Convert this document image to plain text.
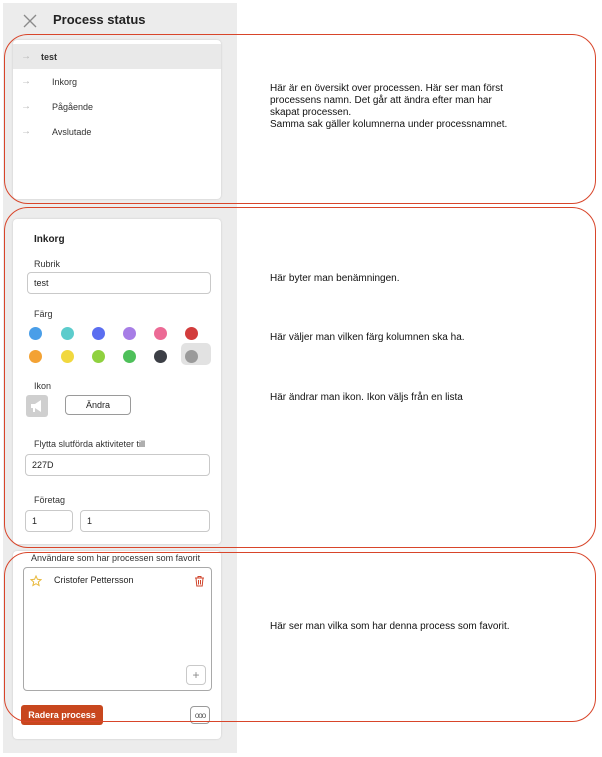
Process status
→ test
→ Inkorg
→ Pågående
→ Avslutade
Inkorg
Rubrik
test
Färg
Ikon
Ändra
Flytta slutförda aktiviteter till
227D
Företag
1
1
Användare som har processen som favorit
Cristofer Pettersson
+
Radera process	ooo
Här är en översikt over processen. Här ser man först
processens namn. Det går att ändra efter man har
skapat processen.
Samma sak gäller kolumnerna under processnamnet.
Här byter man benämningen.
Här väljer man vilken färg kolumnen ska ha.
Här ändrar man ikon. Ikon väljs från en lista
Här ser man vilka som har denna process som favorit.
